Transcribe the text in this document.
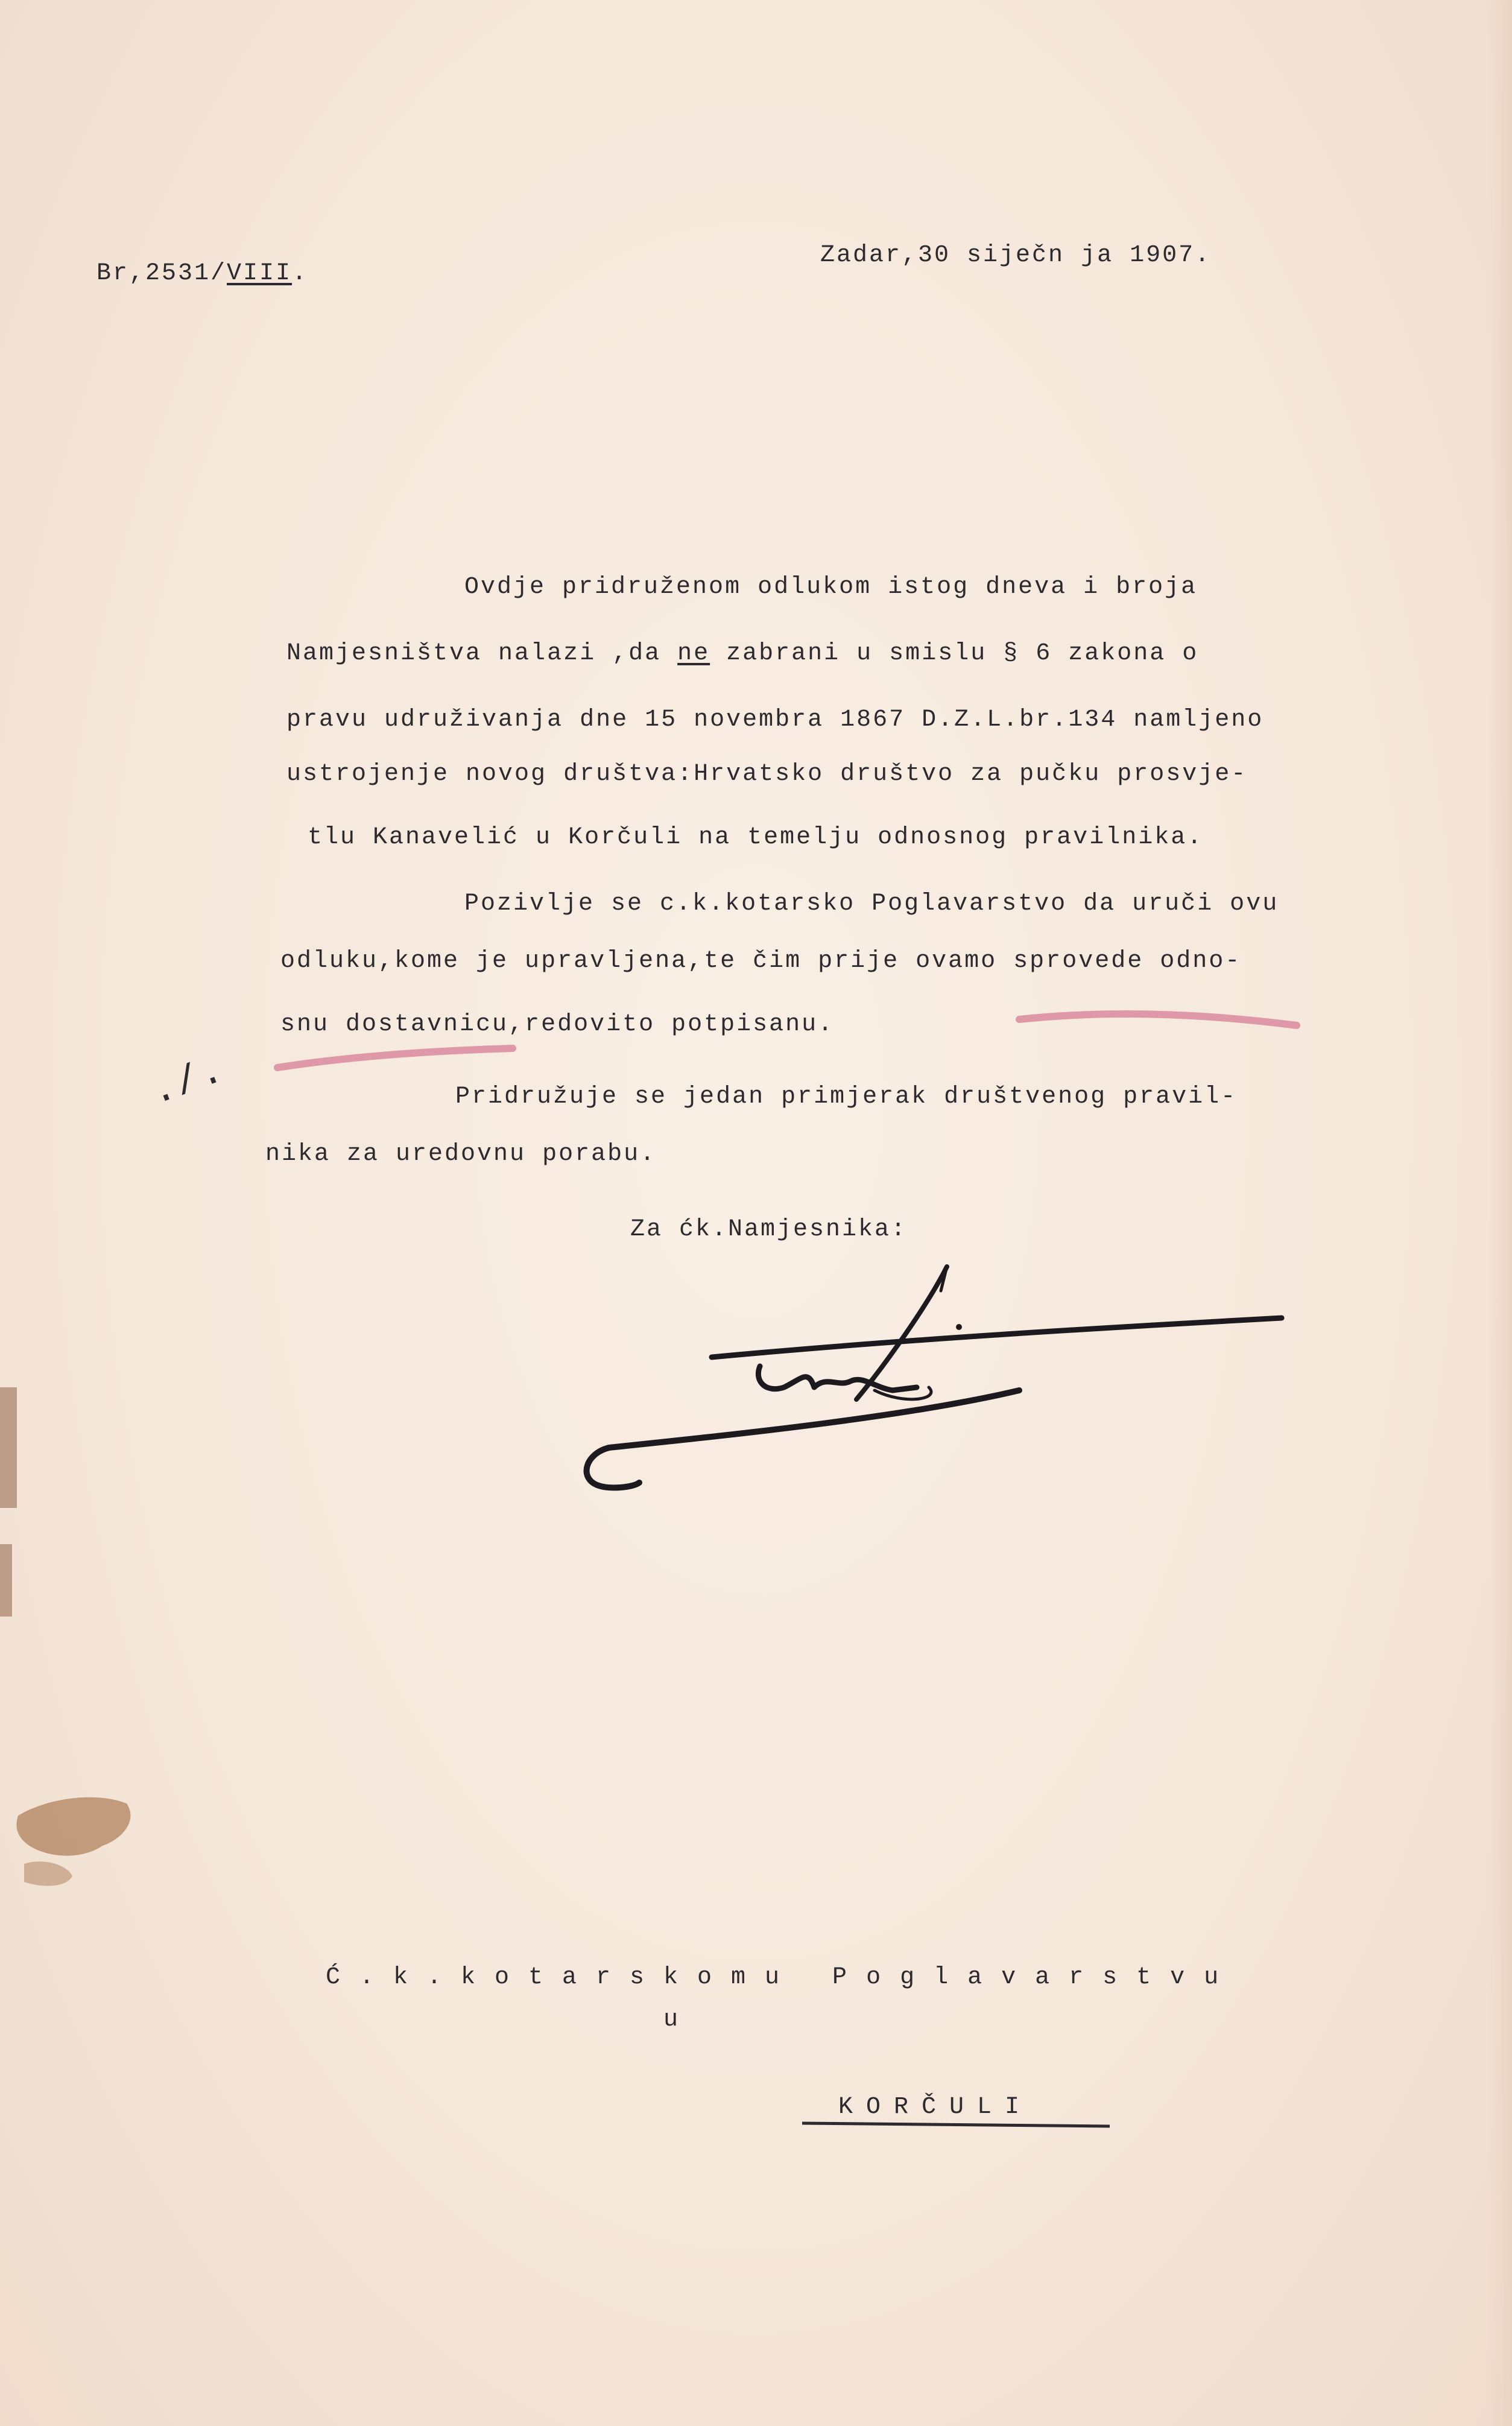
Br,2531/VIII.
Zadar,30 siječn ja 1907.
Ovdje pridruženom odlukom istog dneva i broja
Namjesništva nalazi ,da ne zabrani u smislu § 6 zakona o
pravu udruživanja dne 15 novembra 1867 D.Z.L.br.134 namljeno
ustrojenje novog društva:Hrvatsko društvo za pučku prosvje-
tlu Kanavelić u Korčuli na temelju odnosnog pravilnika.
Pozivlje se c.k.kotarsko Poglavarstvo da uruči ovu
odluku,kome je upravljena,te čim prije ovamo sprovede odno-
snu dostavnicu,redovito potpisanu.
Pridružuje se jedan primjerak društvenog pravil-
nika za uredovnu porabu.
./.
Za ćk.Namjesnika:
Ć.k.kotarskomu Poglavarstvu
u
KORČULI
